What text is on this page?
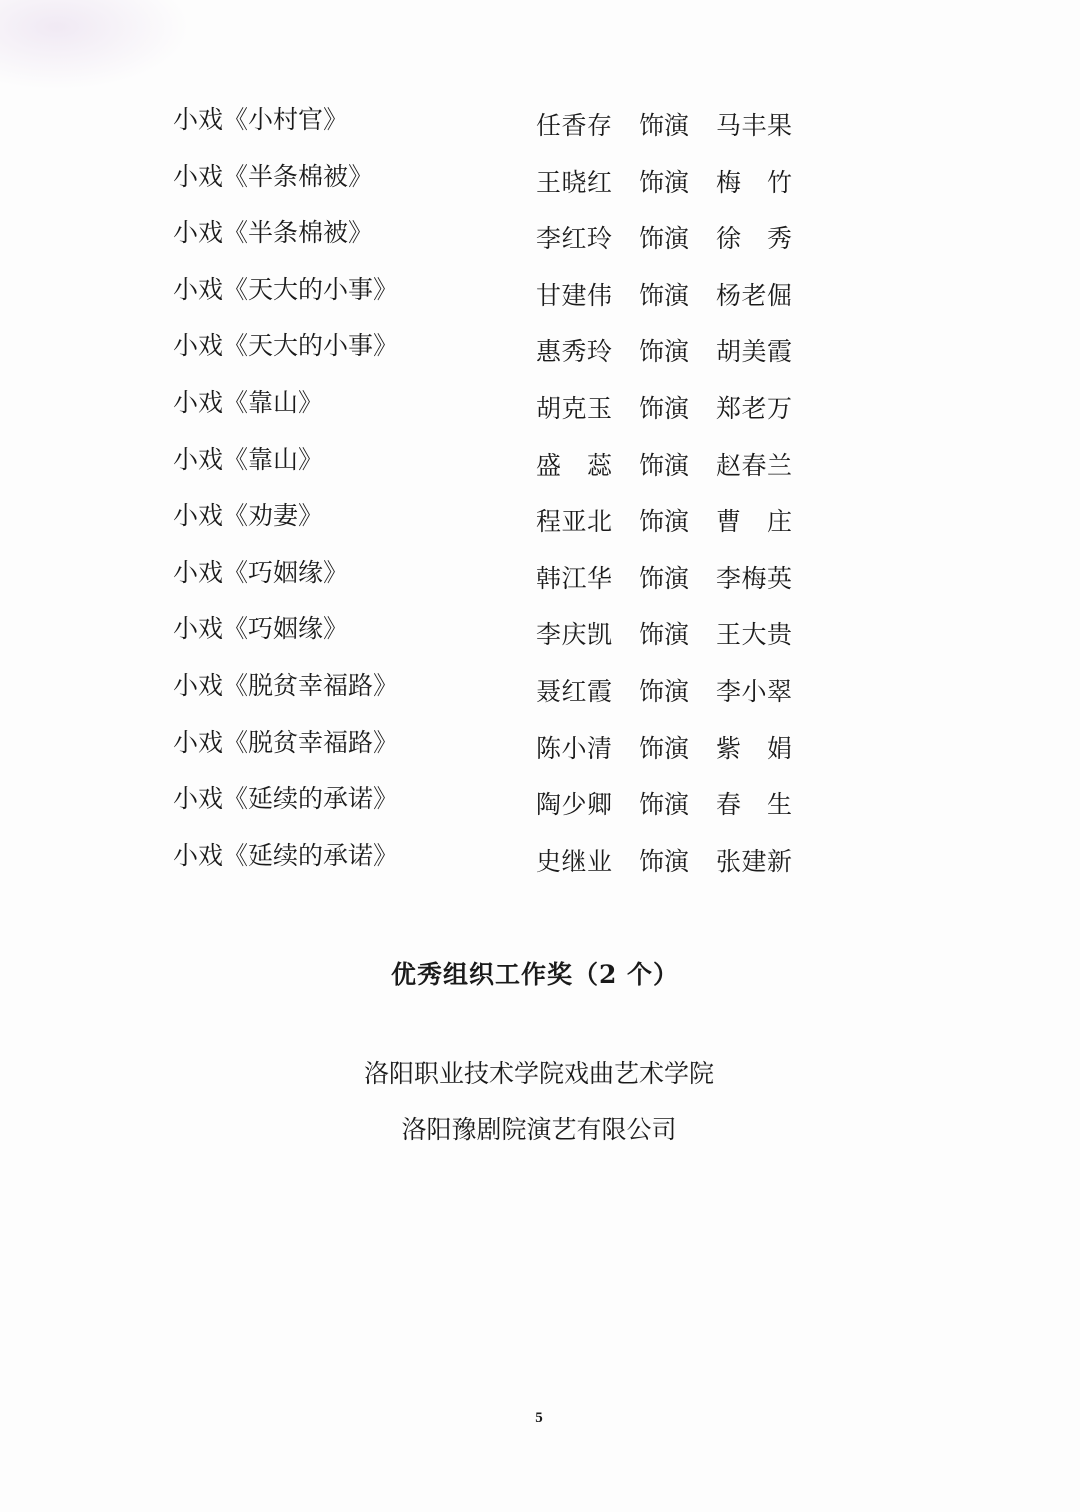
小戏《小村官》	任香存 饰演 马丰果
小戏《半条棉被》	王晓红 饰演 梅 竹
小戏《半条棉被》	李红玲 饰演 徐 秀
小戏《天大的小事》	甘建伟 饰演 杨老倔
小戏《天大的小事》	惠秀玲 饰演 胡美霞
小戏《靠山》	胡克玉 饰演 郑老万
小戏《靠山》	盛 蕊 饰演 赵春兰
小戏《劝妻》	程亚北 饰演 曹 庄
小戏《巧姻缘》	韩江华 饰演 李梅英
小戏《巧姻缘》	李庆凯 饰演 王大贵
小戏《脱贫幸福路》	聂红霞 饰演 李小翠
小戏《脱贫幸福路》	陈小清 饰演 紫 娟
小戏《延续的承诺》	陶少卿 饰演 春 生
小戏《延续的承诺》	史继业 饰演 张建新
优秀组织工作奖（2 个）
洛阳职业技术学院戏曲艺术学院
洛阳豫剧院演艺有限公司
5
